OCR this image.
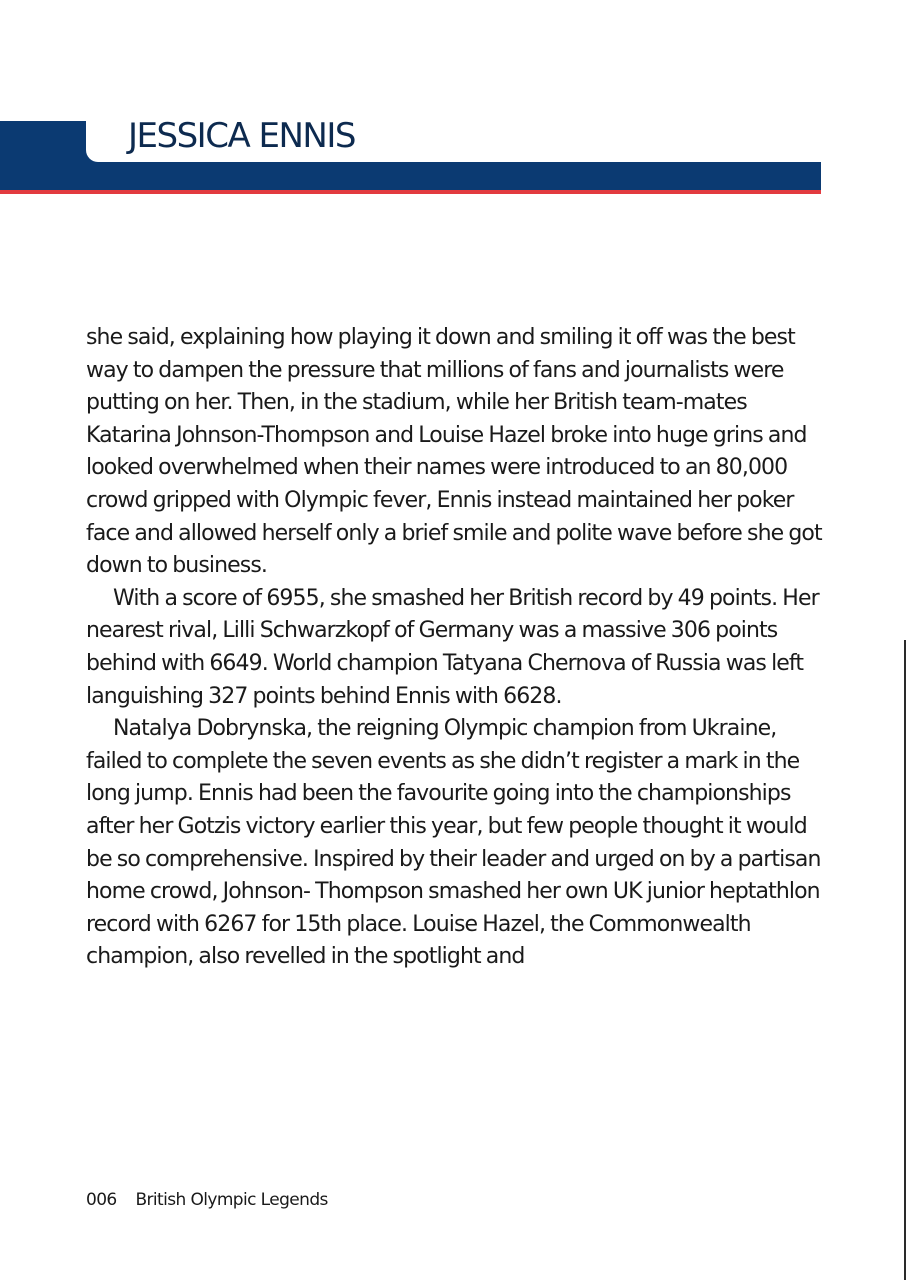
JESSICA ENNIS

she said, explaining how playing it down and smiling it off was the best way to dampen the pressure that millions of fans and journalists were putting on her. Then, in the stadium, while her British team-mates Katarina Johnson-Thompson and Louise Hazel broke into huge grins and looked overwhelmed when their names were introduced to an 80,000 crowd gripped with Olympic fever, Ennis instead maintained her poker face and allowed herself only a brief smile and polite wave before she got down to business.

With a score of 6955, she smashed her British record by 49 points. Her nearest rival, Lilli Schwarzkopf of Germany was a massive 306 points behind with 6649. World champion Tatyana Chernova of Russia was left languishing 327 points behind Ennis with 6628.

Natalya Dobrynska, the reigning Olympic champion from Ukraine, failed to complete the seven events as she didn’t register a mark in the long jump. Ennis had been the favourite going into the championships after her Gotzis victory earlier this year, but few people thought it would be so comprehensive. Inspired by their leader and urged on by a partisan home crowd, Johnson- Thompson smashed her own UK junior heptathlon record with 6267 for 15th place. Louise Hazel, the Commonwealth champion, also revelled in the spotlight and

006 British Olympic Legends
